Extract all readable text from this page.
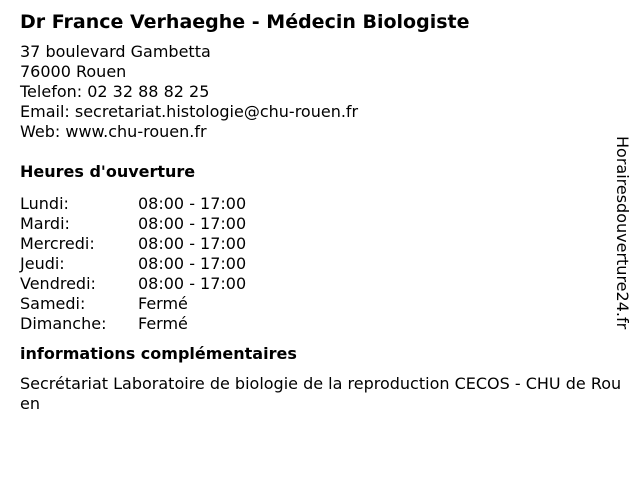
Dr France Verhaeghe - Médecin Biologiste
37 boulevard Gambetta
76000 Rouen
Telefon: 02 32 88 82 25
Email: secretariat.histologie@chu-rouen.fr
Web: www.chu-rouen.fr
Heures d'ouverture
Lundi:	08:00 - 17:00
Mardi:	08:00 - 17:00
Mercredi:	08:00 - 17:00
Jeudi:	08:00 - 17:00
Vendredi:	08:00 - 17:00
Samedi:	Fermé
Dimanche:	Fermé
informations complémentaires
Secrétariat Laboratoire de biologie de la reproduction CECOS - CHU de Rouen
Horairesdouverture24.fr
